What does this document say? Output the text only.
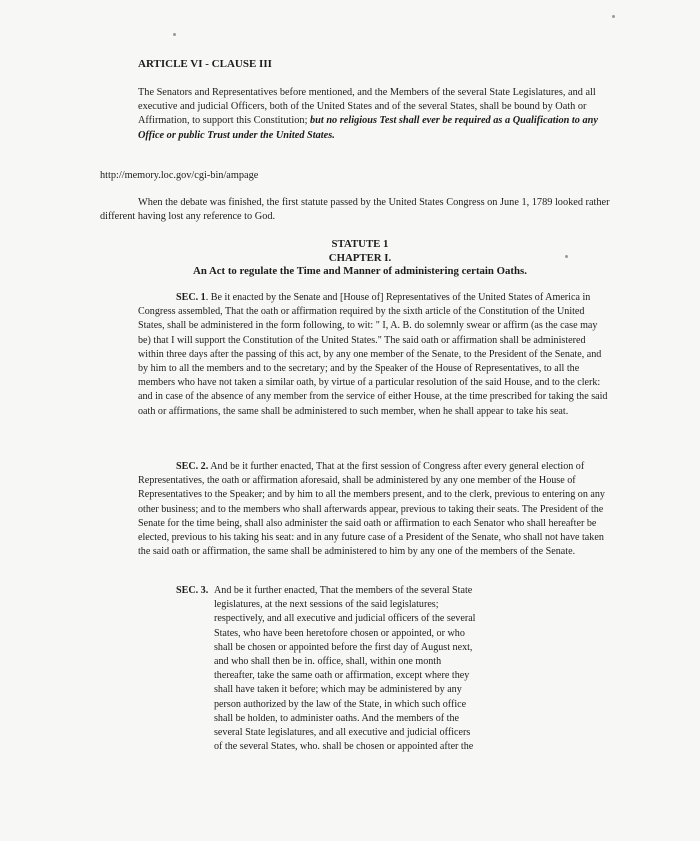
ARTICLE VI - CLAUSE III
The Senators and Representatives before mentioned, and the Members of the several State Legislatures, and all executive and judicial Officers, both of the United States and of the several States, shall be bound by Oath or Affirmation, to support this Constitution; but no religious Test shall ever be required as a Qualification to any Office or public Trust under the United States.
http://memory.loc.gov/cgi-bin/ampage
When the debate was finished, the first statute passed by the United States Congress on June 1, 1789 looked rather different having lost any reference to God.
STATUTE 1
CHAPTER I.
An Act to regulate the Time and Manner of administering certain Oaths.
SEC. 1. Be it enacted by the Senate and [House of] Representatives of the United States of America in Congress assembled, That the oath or affirmation required by the sixth article of the Constitution of the United States, shall be administered in the form following, to wit: " I, A. B. do solemnly swear or affirm (as the case may be) that I will support the Constitution of the United States." The said oath or affirmation shall be administered within three days after the passing of this act, by any one member of the Senate, to the President of the Senate, and by him to all the members and to the secretary; and by the Speaker of the House of Representatives, to all the members who have not taken a similar oath, by virtue of a particular resolution of the said House, and to the clerk: and in case of the absence of any member from the service of either House, at the time prescribed for taking the said oath or affirmations, the same shall be administered to such member, when he shall appear to take his seat.
SEC. 2. And be it further enacted, That at the first session of Congress after every general election of Representatives, the oath or affirmation aforesaid, shall be administered by any one member of the House of Representatives to the Speaker; and by him to all the members present, and to the clerk, previous to entering on any other business; and to the members who shall afterwards appear, previous to taking their seats. The President of the Senate for the time being, shall also administer the said oath or affirmation to each Senator who shall hereafter be elected, previous to his taking his seat: and in any future case of a President of the Senate, who shall not have taken the said oath or affirmation, the same shall be administered to him by any one of the members of the Senate.
SEC. 3. And be it further enacted, That the members of the several State legislatures, at the next sessions of the said legislatures; respectively, and all executive and judicial officers of the several States, who have been heretofore chosen or appointed, or who shall be chosen or appointed before the first day of August next, and who shall then be in. office, shall, within one month thereafter, take the same oath or affirmation, except where they shall have taken it before; which may be administered by any person authorized by the law of the State, in which such office shall be holden, to administer oaths. And the members of the several State legislatures, and all executive and judicial officers of the several States, who. shall be chosen or appointed after the
